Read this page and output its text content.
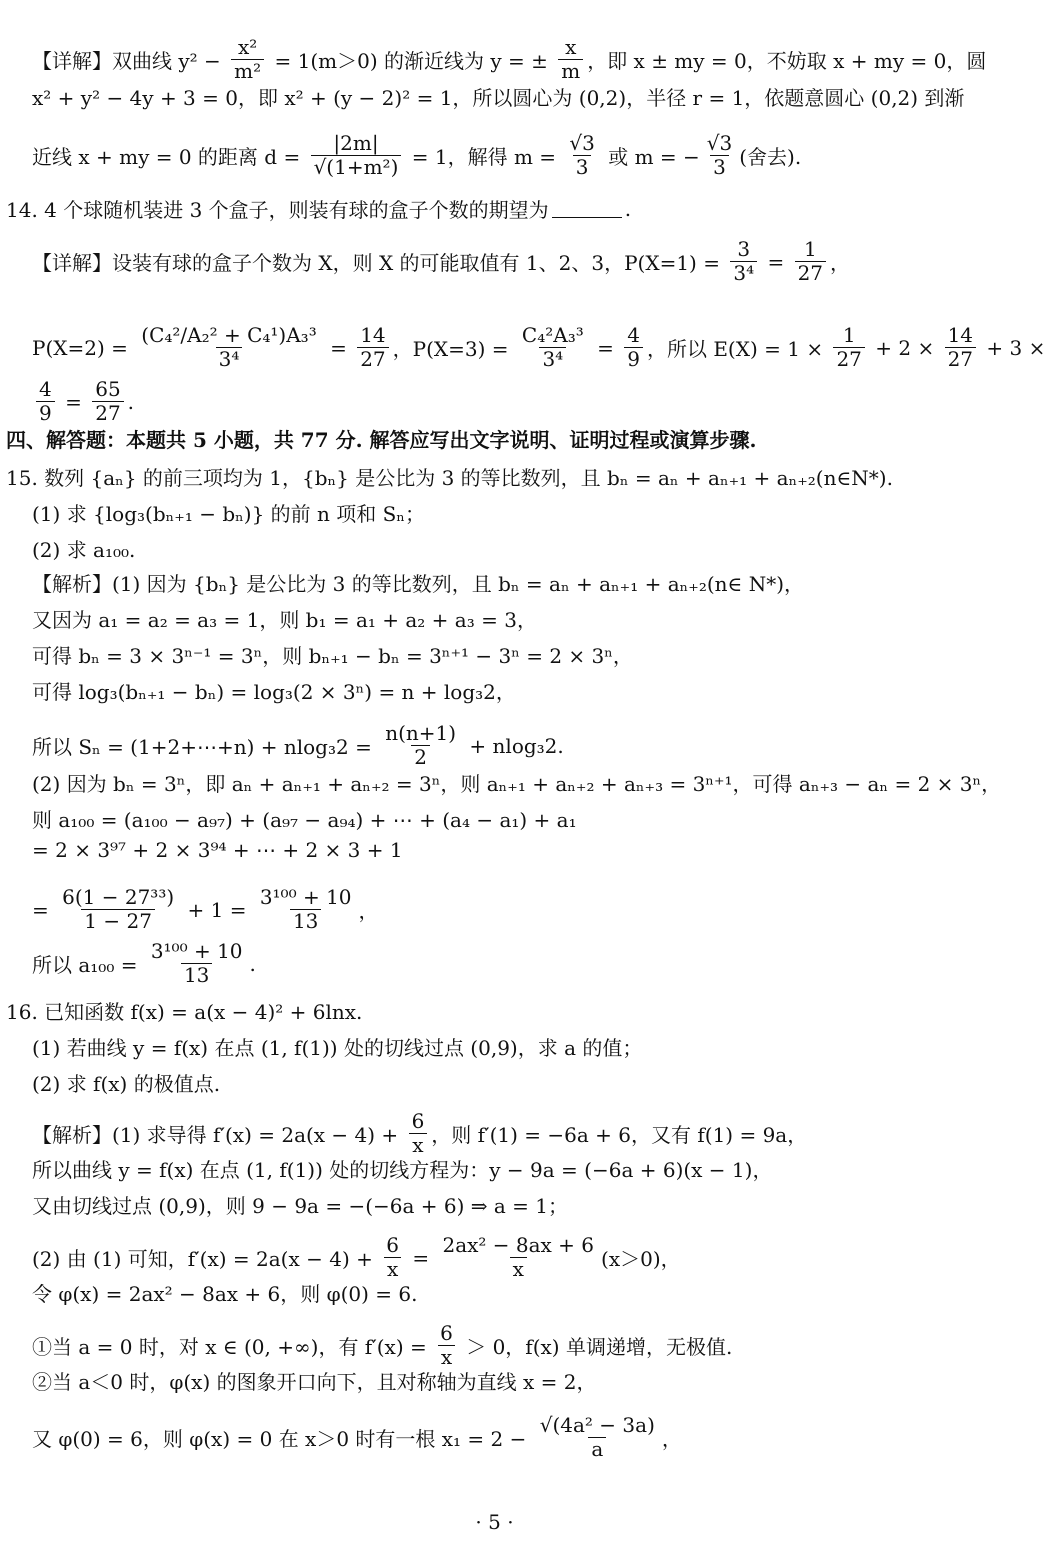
【详解】双曲线 $y^2 - \frac{\text{x²}}{\text{m²}} = 1(m>0)$ 的渐近线为 y = ± $\frac{x}{m}$ ，即 x ± my = 0，不妨取 x + my = 0，圆
x² + y² − 4y + 3 = 0，即 x² + (y − 2)² = 1，所以圆心为 (0,2)，半径 r = 1，依题意圆心 (0,2) 到渐
近线 x + my = 0 的距离 $d = \frac{|2m|}{\text{√(1+m²)}} = 1$，解得 $m = \frac{√3}{3}$ 或 m = − $\frac{√3}{3}$ (舍去).
14. 4 个球随机装进 3 个盒子，则装有球的盒子个数的期望为	.
【详解】设装有球的盒子个数为 X，则 X 的可能取值有 1、2、3，$P(X=1) = \frac{3}{\text{3⁴}} = \frac{1}{27}$ ，
$P(X=2) = \frac{\text{(C₄²/A₂² + C₄¹)A₃³}}{\text{3⁴}} = \frac{14}{27}$ ，$P(X=3) = \frac{\text{C₄²A₃³}}{\text{3⁴}} = \frac{4}{9}$ ，所以 $E(X) = 1 \times \frac{1}{27} + 2 \times \frac{14}{27} + 3$ ×
$\frac{4}{9} = \frac{65}{27}$ .
四、解答题：本题共 5 小题，共 77 分. 解答应写出文字说明、证明过程或演算步骤.
15. 数列 {aₙ} 的前三项均为 1，{bₙ} 是公比为 3 的等比数列，且 bₙ = aₙ + aₙ₊₁ + aₙ₊₂(n∈N*).
(1) 求 {log₃(bₙ₊₁ − bₙ)} 的前 n 项和 Sₙ；
(2) 求 a₁₀₀.
【解析】(1) 因为 {bₙ} 是公比为 3 的等比数列，且 bₙ = aₙ + aₙ₊₁ + aₙ₊₂(n∈ N*)，
又因为 a₁ = a₂ = a₃ = 1，则 b₁ = a₁ + a₂ + a₃ = 3，
可得 bₙ = 3 × 3ⁿ⁻¹ = 3ⁿ，则 bₙ₊₁ − bₙ = 3ⁿ⁺¹ − 3ⁿ = 2 × 3ⁿ，
可得 log₃(bₙ₊₁ − bₙ) = log₃(2 × 3ⁿ) = n + log₃2，
所以 Sₙ = (1+2+⋯+n) + $nlog_32 = \frac{n(n+1)}{2} + nlog_32$.
(2) 因为 bₙ = 3ⁿ，即 aₙ + aₙ₊₁ + aₙ₊₂ = 3ⁿ，则 aₙ₊₁ + aₙ₊₂ + aₙ₊₃ = 3ⁿ⁺¹，可得 aₙ₊₃ − aₙ = 2 × 3ⁿ，
则 a₁₀₀ = (a₁₀₀ − a₉₇) + (a₉₇ − a₉₄) + ⋯ + (a₄ − a₁) + a₁
= 2 × 3⁹⁷ + 2 × 3⁹⁴ + ⋯ + 2 × 3 + 1
= $\frac{\text{6(1 − 27³³)}}{1 - 27} + 1 = \frac{\text{3¹⁰⁰ + 10}}{13}$ ，
所以 $a_{100} = \frac{\text{3¹⁰⁰ + 10}}{13}$ .
16. 已知函数 f(x) = a(x − 4)² + 6lnx.
(1) 若曲线 y = f(x) 在点 (1, f(1)) 处的切线过点 (0,9)，求 a 的值；
(2) 求 f(x) 的极值点.
【解析】(1) 求导得 $f'(x) = 2a(x - 4) + \frac{6}{x}$ ，则 f′(1) = −6a + 6，又有 f(1) = 9a，
所以曲线 y = f(x) 在点 (1, f(1)) 处的切线方程为：y − 9a = (−6a + 6)(x − 1)，
又由切线过点 (0,9)，则 9 − 9a = −(−6a + 6) ⇒ a = 1；
(2) 由 (1) 可知，$f'(x) = 2a(x - 4) + \frac{6}{x} = \frac{\text{2ax² − 8ax + 6}}{x} (x>0)$，
令 φ(x) = 2ax² − 8ax + 6，则 φ(0) = 6.
①当 a = 0 时，对 x ∈ (0, +∞)，有 $f'(x) = \frac{6}{x} > 0$，f(x) 单调递增，无极值.
②当 a＜0 时，φ(x) 的图象开口向下，且对称轴为直线 x = 2，
又 φ(0) = 6，则 φ(x) = 0 在 x＞0 时有一根 $x_1 = 2 - \frac{\text{√(4a² − 3a)}}{a}$ ，
· 5 ·
